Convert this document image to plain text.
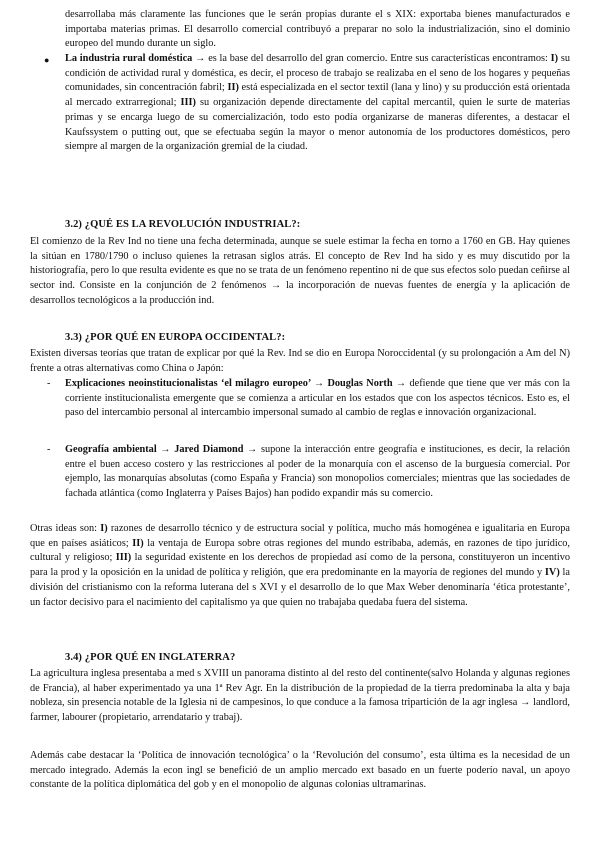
desarrollaba más claramente las funciones que le serán propias durante el s XIX: exportaba bienes manufacturados e importaba materias primas. El desarrollo comercial contribuyó a preparar no solo la industrialización, sino el dominio europeo del mundo durante un siglo.

● La industria rural doméstica → es la base del desarrollo del gran comercio. Entre sus características encontramos: I) su condición de actividad rural y doméstica, es decir, el proceso de trabajo se realizaba en el seno de los hogares y pequeñas comunidades, sin concentración fabril; II) está especializada en el sector textil (lana y lino) y su producción está orientada al mercado extrarregional; III) su organización depende directamente del capital mercantil, quien le surte de materias primas y se encarga luego de su comercialización, todo esto podía organizarse de maneras diferentes, a destacar el Kaufssystem o putting out, que se efectuaba según la mayor o menor autonomía de los productores domésticos, pero siempre al margen de la organización gremial de la ciudad.

3.2) ¿QUÉ ES LA REVOLUCIÓN INDUSTRIAL?:

El comienzo de la Rev Ind no tiene una fecha determinada, aunque se suele estimar la fecha en torno a 1760 en GB. Hay quienes la sitúan en 1780/1790 o incluso quienes la retrasan siglos atrás. El concepto de Rev Ind ha sido y es muy discutido por la historiografía, pero lo que resulta evidente es que no se trata de un fenómeno repentino ni de que sus efectos solo puedan ceñirse al sector ind. Consiste en la conjunción de 2 fenómenos → la incorporación de nuevas fuentes de energía y la aplicación de desarrollos tecnológicos a la producción ind.

3.3) ¿POR QUÉ EN EUROPA OCCIDENTAL?:

Existen diversas teorías que tratan de explicar por qué la Rev. Ind se dio en Europa Noroccidental (y su prolongación a Am del N) frente a otras alternativas como China o Japón:

- Explicaciones neoinstitucionalistas ‘el milagro europeo’ → Douglas North → defiende que tiene que ver más con la corriente institucionalista emergente que se comienza a articular en los estados que con los aspectos técnicos. Esto es, el paso del intercambio personal al intercambio impersonal sumado al cambio de reglas e innovación organizacional.

- Geografía ambiental → Jared Diamond → supone la interacción entre geografía e instituciones, es decir, la relación entre el buen acceso costero y las restricciones al poder de la monarquía con el ascenso de la burguesía comercial. Por ejemplo, las monarquías absolutas (como España y Francia) son monopolios comerciales; mientras que las sociedades de fachada atlántica (como Inglaterra y Países Bajos) han podido expandir más su comercio.

Otras ideas son: I) razones de desarrollo técnico y de estructura social y política, mucho más homogénea e igualitaria en Europa que en países asiáticos; II) la ventaja de Europa sobre otras regiones del mundo estribaba, además, en razones de tipo jurídico, cultural y religioso; III) la seguridad existente en los derechos de propiedad así como de la persona, constituyeron un incentivo para la prod y la oposición en la unidad de política y religión, que era predominante en la mayoría de regiones del mundo y IV) la división del cristianismo con la reforma luterana del s XVI y el desarrollo de lo que Max Weber denominaría ‘ética protestante’, un factor decisivo para el nacimiento del capitalismo ya que quien no trabajaba quedaba fuera del sistema.

3.4) ¿POR QUÉ EN INGLATERRA?

La agricultura inglesa presentaba a med s XVIII un panorama distinto al del resto del continente(salvo Holanda y algunas regiones de Francia), al haber experimentado ya una 1ª Rev Agr. En la distribución de la propiedad de la tierra predominaba la alta y baja nobleza, sin presencia notable de la Iglesia ni de campesinos, lo que conduce a la famosa tripartición de la agr inglesa → landlord, farmer, labourer (propietario, arrendatario y trabaj).

Además cabe destacar la ‘Política de innovación tecnológica’ o la ‘Revolución del consumo’, esta última es la necesidad de un mercado integrado. Además la econ ingl se benefició de un amplio mercado ext basado en un fuerte poderío naval, un apoyo constante de la política diplomática del gob y en el monopolio de algunas colonias ultramarinas.
